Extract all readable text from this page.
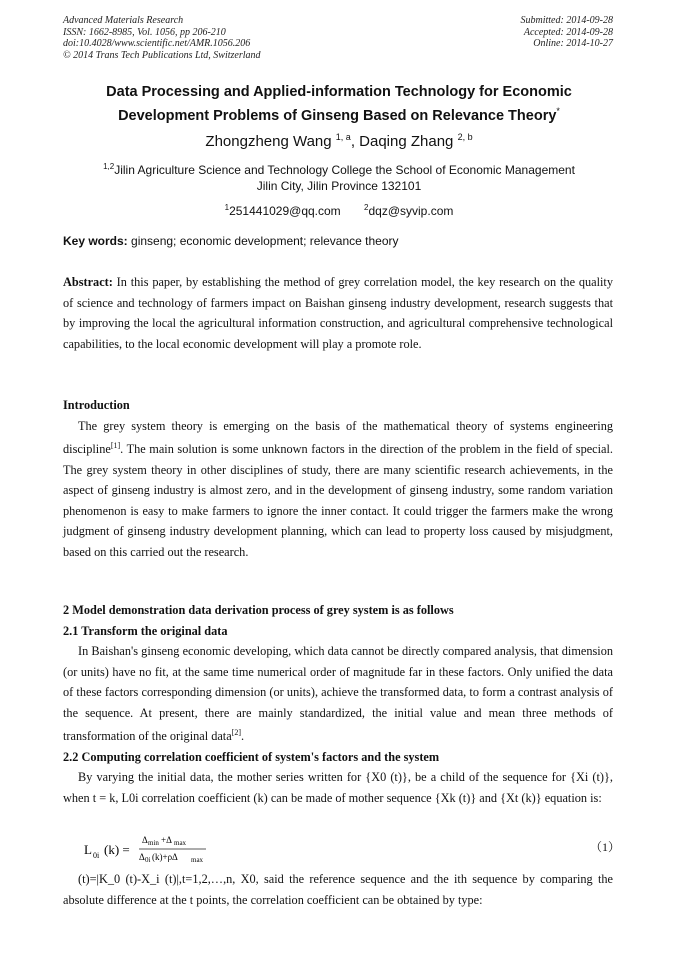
Advanced Materials Research
ISSN: 1662-8985, Vol. 1056, pp 206-210
doi:10.4028/www.scientific.net/AMR.1056.206
© 2014 Trans Tech Publications Ltd, Switzerland
Submitted: 2014-09-28
Accepted: 2014-09-28
Online: 2014-10-27
Data Processing and Applied-information Technology for Economic
Development Problems of Ginseng Based on Relevance Theory*
Zhongzheng Wang $^{1, a}$, Daqing Zhang $^{2, b}$
$^{1,2}$Jilin Agriculture Science and Technology College the School of Economic Management
Jilin City, Jilin Province 132101
$^1$251441029@qq.com	$^2$dqz@syvip.com
Key words: ginseng; economic development; relevance theory

Abstract: In this paper, by establishing the method of grey correlation model, the key research on the quality of science and technology of farmers impact on Baishan ginseng industry development, research suggests that by improving the local the agricultural information construction, and agricultural comprehensive technological capabilities, to the local economic development will play a promote role.

Introduction

The grey system theory is emerging on the basis of the mathematical theory of systems engineering discipline[1]. The main solution is some unknown factors in the direction of the problem in the field of special. The grey system theory in other disciplines of study, there are many scientific research achievements, in the aspect of ginseng industry is almost zero, and in the development of ginseng industry, some random variation phenomenon is easy to make farmers to ignore the inner contact. It could trigger the farmers make the wrong judgment of ginseng industry development planning, which can lead to property loss caused by misjudgment, based on this carried out the research.

2 Model demonstration data derivation process of grey system is as follows

2.1 Transform the original data

In Baishan's ginseng economic developing, which data cannot be directly compared analysis, that dimension (or units) have no fit, at the same time numerical order of magnitude far in these factors. Only unified the data of these factors corresponding dimension (or units), achieve the transformed data, to form a contrast analysis of the sequence. At present, there are mainly standardized, the initial value and mean three methods of transformation of the original data[2].

2.2 Computing correlation coefficient of system's factors and the system

By varying the initial data, the mother series written for {X0 (t)}, be a child of the sequence for {Xi (t)}, when t = k, L0i correlation coefficient (k) can be made of mother sequence {Xk (t)} and {Xt (k)} equation is:

L 0i (k) =
Δ min +Δ max
Δ 0i (k)+ρΔ max
（1）

(t)=|K_0 (t)-X_i (t)|,t=1,2,…,n, X0, said the reference sequence and the ith sequence by comparing the absolute difference at the t points, the correlation coefficient can be obtained by type:
